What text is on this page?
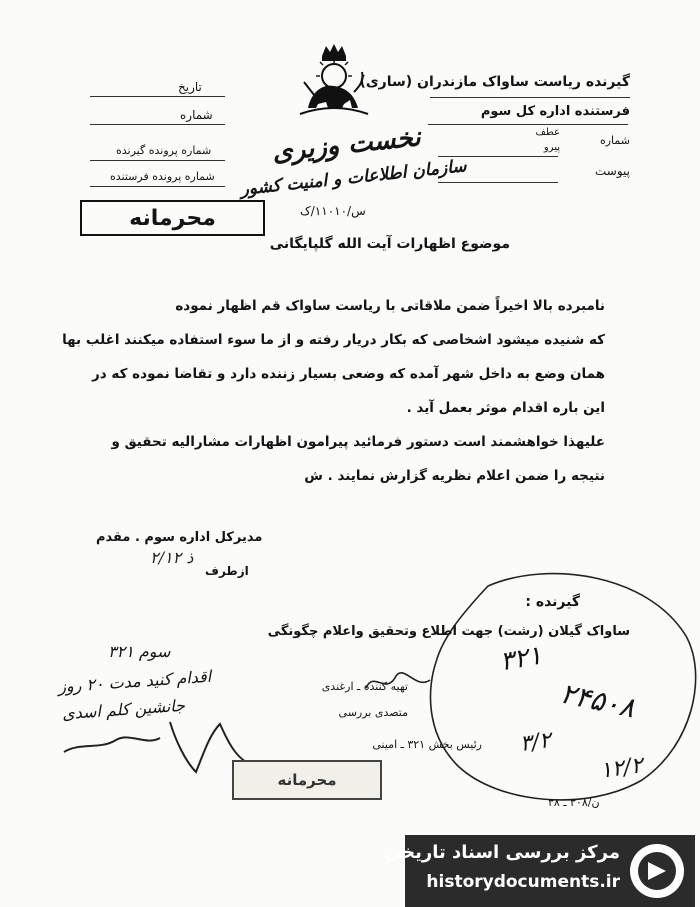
گیرنده ریاست ساواک مازندران (ساری)
فرستنده اداره کل سوم
شماره
عطف
پیرو
پیوست
تاریخ
شماره
شماره پرونده گیرنده
شماره پرونده فرستنده
نخست وزیری
سازمان اطلاعات و امنیت کشور
س/۱۱۰۱۰/ک
محرمانه
موضوع اظهارات آیت الله گلپایگانی
نامبرده بالا اخیراً ضمن ملاقاتی با ریاست ساواک قم اظهار نموده
که شنیده میشود اشخاصی که بکار دریار رفته و از ما سوء استفاده میکنند اغلب بها
همان وضع به داخل شهر آمده که وضعی بسیار زننده دارد و تقاضا نموده که در
این باره اقدام موثر بعمل آید .
علیهذا خواهشمند است دستور فرمائید پیرامون اظهارات مشارالیه تحقیق و
نتیجه را ضمن اعلام نظریه گزارش نمایند . ش
مدیرکل اداره سوم . مقدم
ذ ۲/۱۲
ازطرف
گیرنده :
ساواک گیلان (رشت) جهت اطلاع وتحقیق واعلام چگونگی
تهیه کننده ـ ارغندی
متصدی بررسی
رئیس بخش ۳۲۱ ـ امینی
سوم ۳۲۱
اقدام کنید مدت ۲۰ روز
جانشین کلم اسدی
۳۲۱
۲۴۵۰۸
۳/۲
۱۲/۲
محرمانه
ن/۳۰۸ ـ ۳۸
مرکز بررسی اسناد تاریخی
historydocuments.ir
